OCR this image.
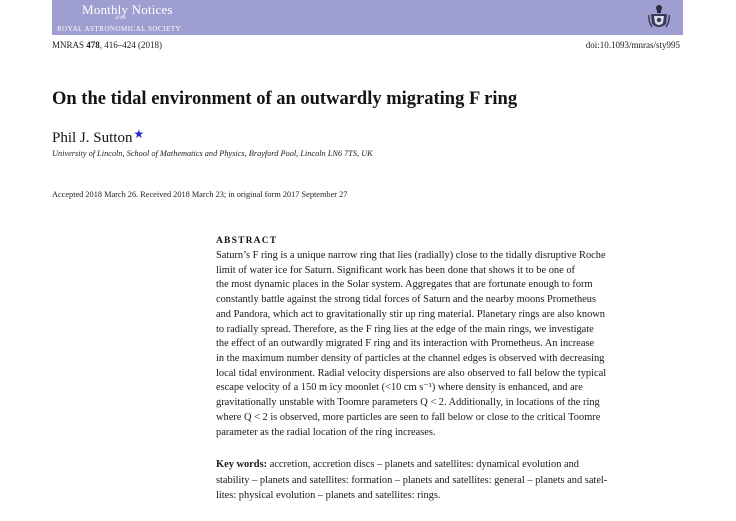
Monthly Notices
of the
ROYAL ASTRONOMICAL SOCIETY
MNRAS 478, 416–424 (2018)	doi:10.1093/mnras/sty995
On the tidal environment of an outwardly migrating F ring
Phil J. Sutton★
University of Lincoln, School of Mathematics and Physics, Brayford Pool, Lincoln LN6 7TS, UK
Accepted 2018 March 26. Received 2018 March 23; in original form 2017 September 27
ABSTRACT
Saturn’s F ring is a unique narrow ring that lies (radially) close to the tidally disruptive Roche
limit of water ice for Saturn. Significant work has been done that shows it to be one of
the most dynamic places in the Solar system. Aggregates that are fortunate enough to form
constantly battle against the strong tidal forces of Saturn and the nearby moons Prometheus
and Pandora, which act to gravitationally stir up ring material. Planetary rings are also known
to radially spread. Therefore, as the F ring lies at the edge of the main rings, we investigate
the effect of an outwardly migrated F ring and its interaction with Prometheus. An increase
in the maximum number density of particles at the channel edges is observed with decreasing
local tidal environment. Radial velocity dispersions are also observed to fall below the typical
escape velocity of a 150 m icy moonlet (<10 cm s⁻¹) where density is enhanced, and are
gravitationally unstable with Toomre parameters Q < 2. Additionally, in locations of the ring
where Q < 2 is observed, more particles are seen to fall below or close to the critical Toomre
parameter as the radial location of the ring increases.
Key words: accretion, accretion discs – planets and satellites: dynamical evolution and
stability – planets and satellites: formation – planets and satellites: general – planets and satel-
lites: physical evolution – planets and satellites: rings.
